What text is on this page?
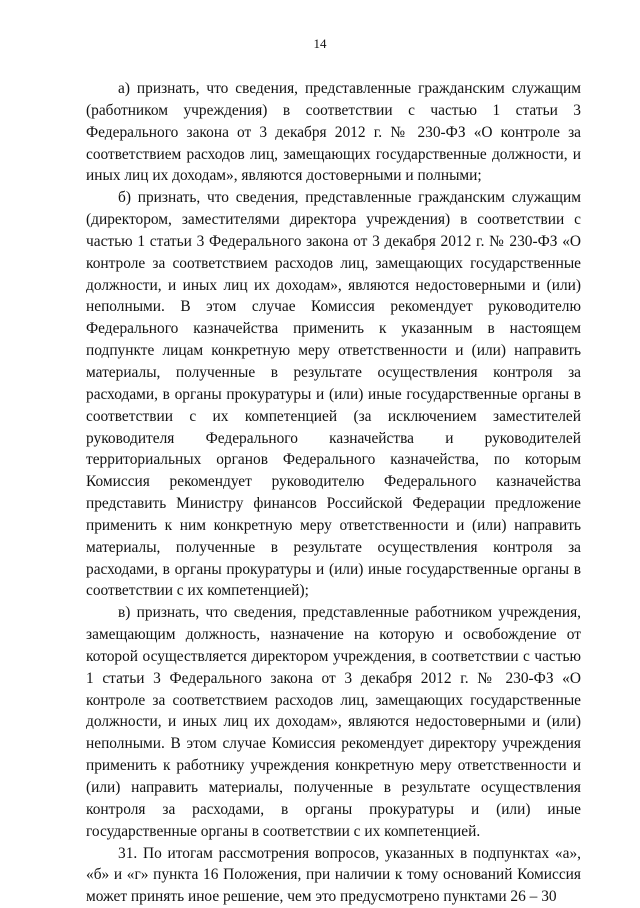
14

а) признать, что сведения, представленные гражданским служащим (работником учреждения) в соответствии с частью 1 статьи 3 Федерального закона от 3 декабря 2012 г. № 230-ФЗ «О контроле за соответствием расходов лиц, замещающих государственные должности, и иных лиц их доходам», являются достоверными и полными;

б) признать, что сведения, представленные гражданским служащим (директором, заместителями директора учреждения) в соответствии с частью 1 статьи 3 Федерального закона от 3 декабря 2012 г. № 230-ФЗ «О контроле за соответствием расходов лиц, замещающих государственные должности, и иных лиц их доходам», являются недостоверными и (или) неполными. В этом случае Комиссия рекомендует руководителю Федерального казначейства применить к указанным в настоящем подпункте лицам конкретную меру ответственности и (или) направить материалы, полученные в результате осуществления контроля за расходами, в органы прокуратуры и (или) иные государственные органы в соответствии с их компетенцией (за исключением заместителей руководителя Федерального казначейства и руководителей территориальных органов Федерального казначейства, по которым Комиссия рекомендует руководителю Федерального казначейства представить Министру финансов Российской Федерации предложение применить к ним конкретную меру ответственности и (или) направить материалы, полученные в результате осуществления контроля за расходами, в органы прокуратуры и (или) иные государственные органы в соответствии с их компетенцией);

в) признать, что сведения, представленные работником учреждения, замещающим должность, назначение на которую и освобождение от которой осуществляется директором учреждения, в соответствии с частью 1 статьи 3 Федерального закона от 3 декабря 2012 г. № 230-ФЗ «О контроле за соответствием расходов лиц, замещающих государственные должности, и иных лиц их доходам», являются недостоверными и (или) неполными. В этом случае Комиссия рекомендует директору учреждения применить к работнику учреждения конкретную меру ответственности и (или) направить материалы, полученные в результате осуществления контроля за расходами, в органы прокуратуры и (или) иные государственные органы в соответствии с их компетенцией.

31. По итогам рассмотрения вопросов, указанных в подпунктах «а», «б» и «г» пункта 16 Положения, при наличии к тому оснований Комиссия может принять иное решение, чем это предусмотрено пунктами 26 – 30
